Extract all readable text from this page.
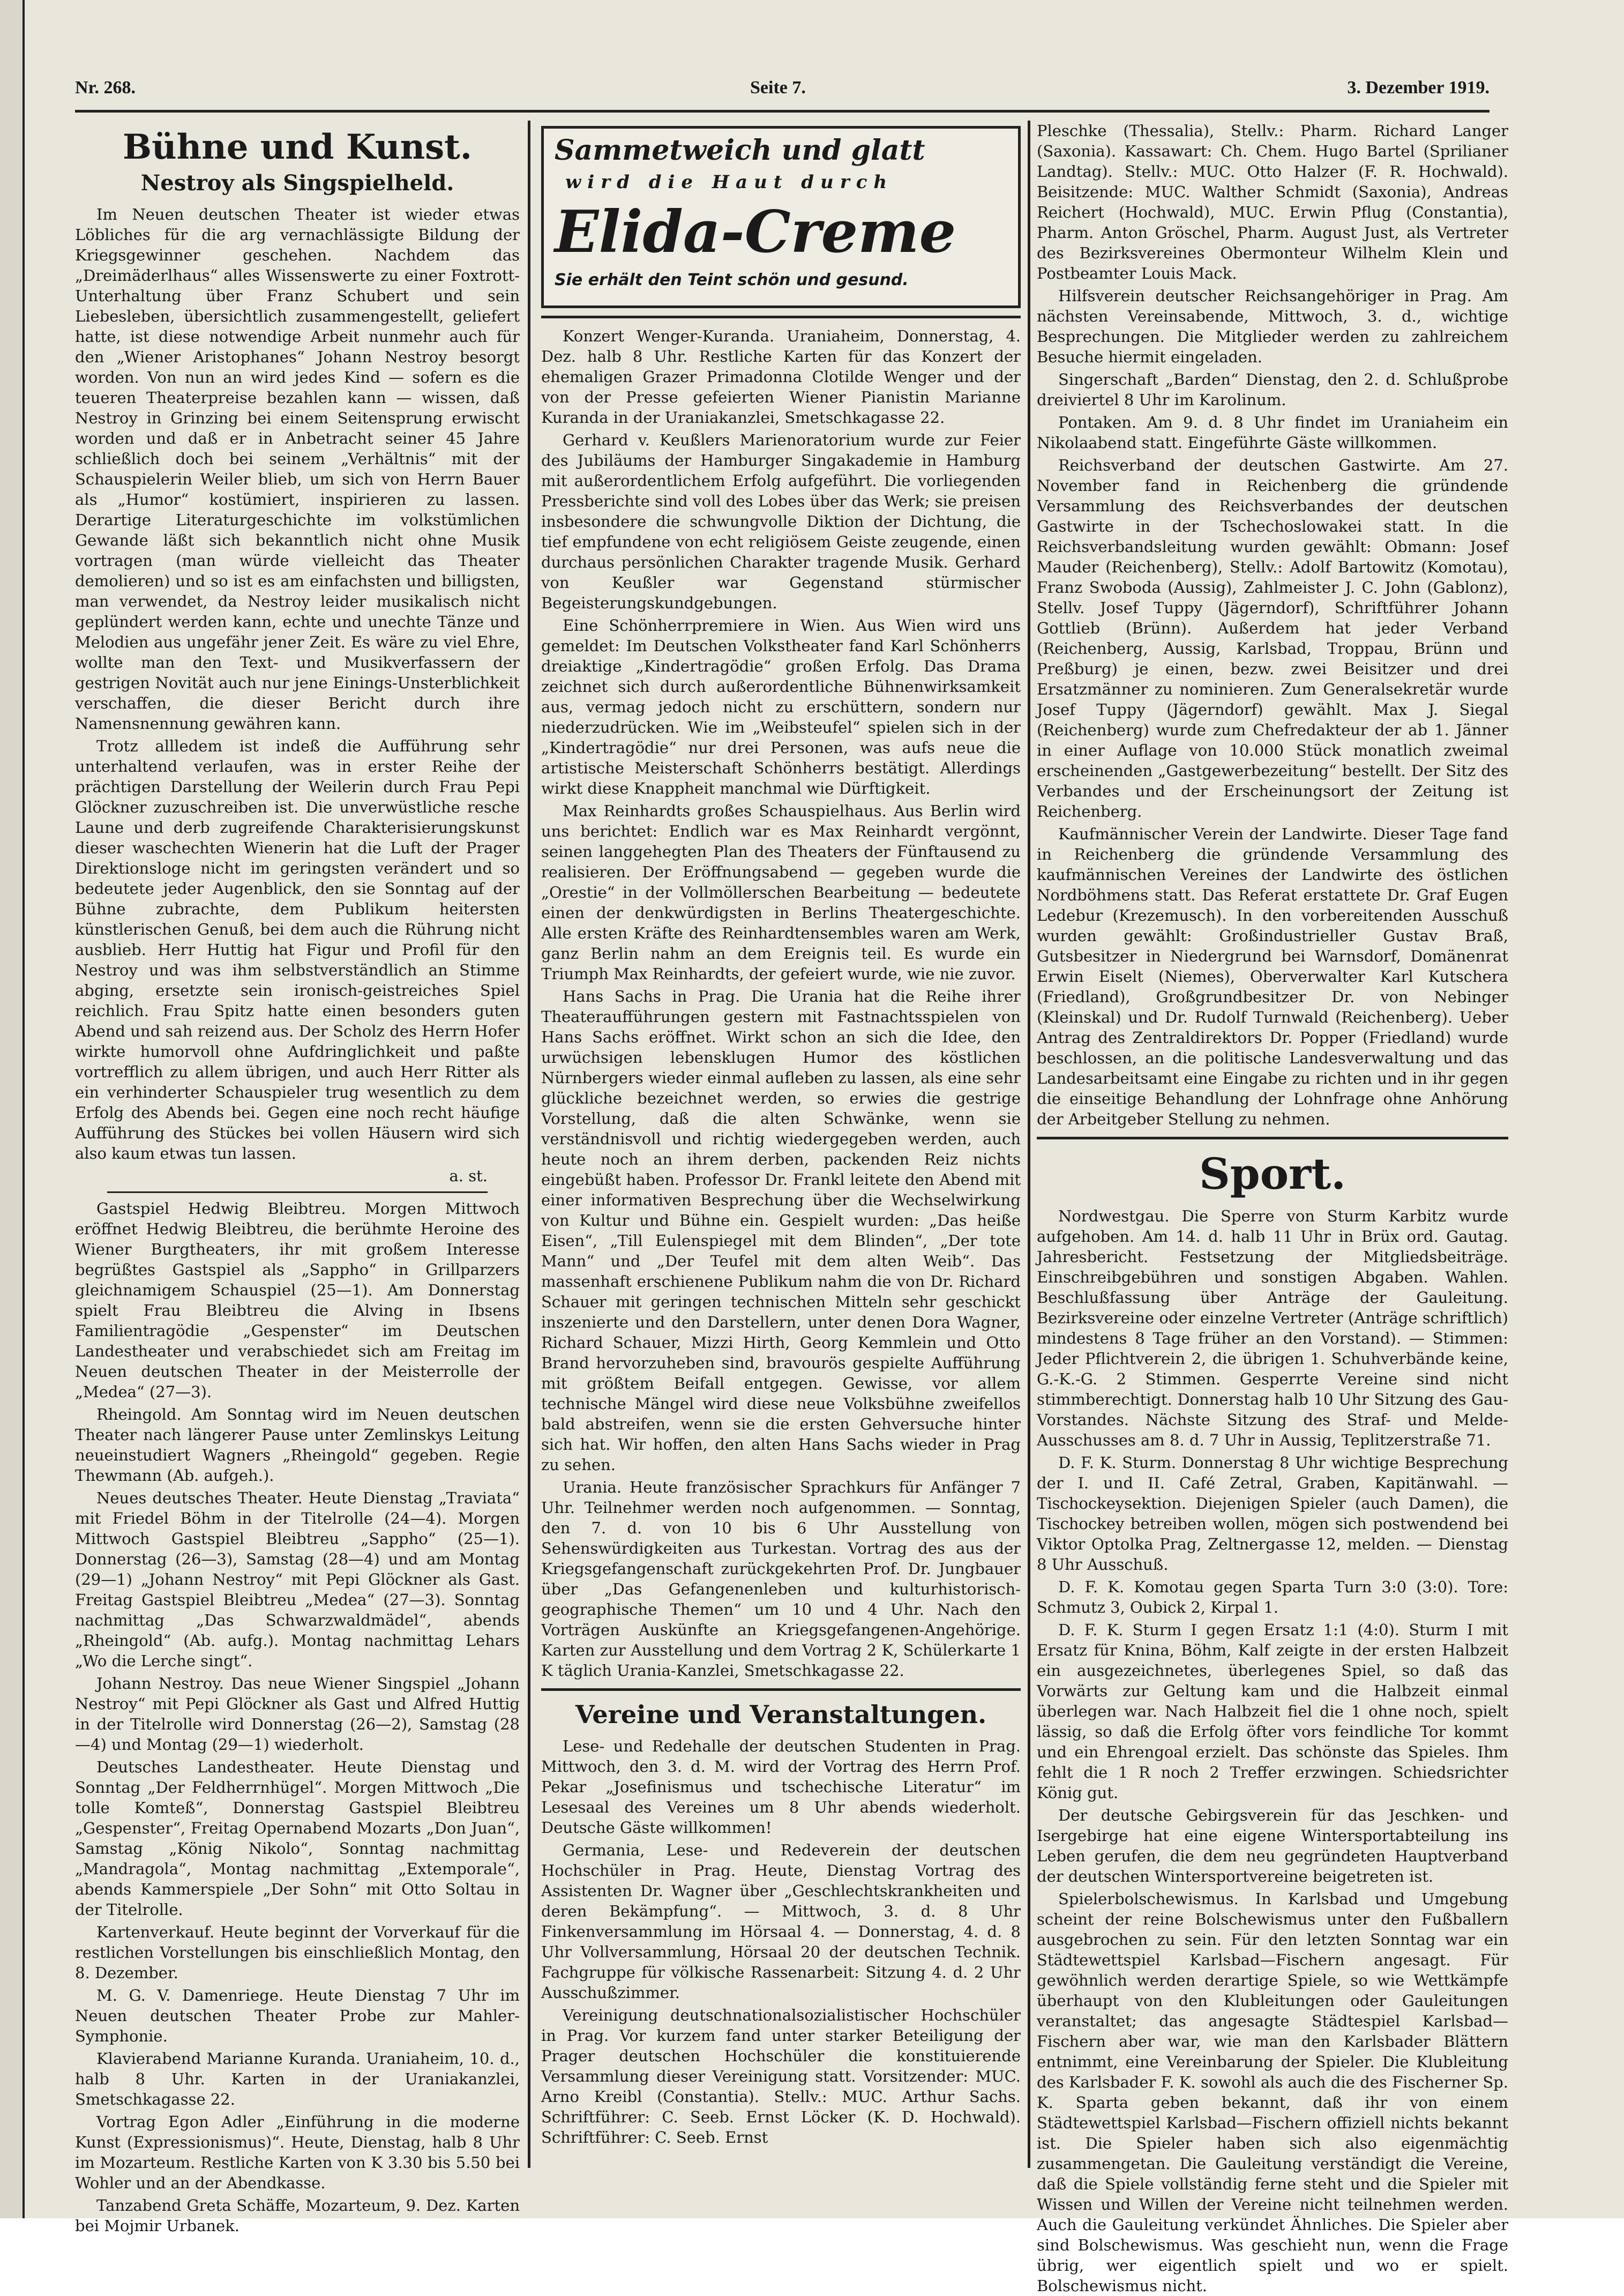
Nr. 268.	Seite 7.	3. Dezember 1919.
Bühne und Kunst.
Nestroy als Singspielheld.

Im Neuen deutschen Theater ist wieder etwas Löbliches für die arg vernachlässigte Bildung der Kriegsgewinner geschehen. Nachdem das „Dreimäderlhaus“ alles Wissenswerte zu einer Foxtrott-Unterhaltung über Franz Schubert und sein Liebesleben, übersichtlich zusammengestellt, geliefert hatte, ist diese notwendige Arbeit nunmehr auch für den „Wiener Aristophanes“ Johann Nestroy besorgt worden. Von nun an wird jedes Kind — sofern es die teueren Theaterpreise bezahlen kann — wissen, daß Nestroy in Grinzing bei einem Seitensprung erwischt worden und daß er in Anbetracht seiner 45 Jahre schließlich doch bei seinem „Verhältnis“ mit der Schauspielerin Weiler blieb, um sich von Herrn Bauer als „Humor“ kostümiert, inspirieren zu lassen. Derartige Literaturgeschichte im volkstümlichen Gewande läßt sich bekanntlich nicht ohne Musik vortragen (man würde vielleicht das Theater demolieren) und so ist es am einfachsten und billigsten, man verwendet, da Nestroy leider musikalisch nicht geplündert werden kann, echte und unechte Tänze und Melodien aus ungefähr jener Zeit. Es wäre zu viel Ehre, wollte man den Text- und Musikverfassern der gestrigen Novität auch nur jene Einings-Unsterblichkeit verschaffen, die dieser Bericht durch ihre Namensnennung gewähren kann.

Trotz allledem ist indeß die Aufführung sehr unterhaltend verlaufen, was in erster Reihe der prächtigen Darstellung der Weilerin durch Frau Pepi Glöckner zuzuschreiben ist. Die unverwüstliche resche Laune und derb zugreifende Charakterisierungskunst dieser waschechten Wienerin hat die Luft der Prager Direktionsloge nicht im geringsten verändert und so bedeutete jeder Augenblick, den sie Sonntag auf der Bühne zubrachte, dem Publikum heitersten künstlerischen Genuß, bei dem auch die Rührung nicht ausblieb. Herr Huttig hat Figur und Profil für den Nestroy und was ihm selbstverständlich an Stimme abging, ersetzte sein ironisch-geistreiches Spiel reichlich. Frau Spitz hatte einen besonders guten Abend und sah reizend aus. Der Scholz des Herrn Hofer wirkte humorvoll ohne Aufdringlichkeit und paßte vortrefflich zu allem übrigen, und auch Herr Ritter als ein verhinderter Schauspieler trug wesentlich zu dem Erfolg des Abends bei. Gegen eine noch recht häufige Aufführung des Stückes bei vollen Häusern wird sich also kaum etwas tun lassen.

a. st.

Gastspiel Hedwig Bleibtreu. Morgen Mittwoch eröffnet Hedwig Bleibtreu, die berühmte Heroine des Wiener Burgtheaters, ihr mit großem Interesse begrüßtes Gastspiel als „Sappho“ in Grillparzers gleichnamigem Schauspiel (25—1). Am Donnerstag spielt Frau Bleibtreu die Alving in Ibsens Familientragödie „Gespenster“ im Deutschen Landestheater und verabschiedet sich am Freitag im Neuen deutschen Theater in der Meisterrolle der „Medea“ (27—3).

Rheingold. Am Sonntag wird im Neuen deutschen Theater nach längerer Pause unter Zemlinskys Leitung neueinstudiert Wagners „Rheingold“ gegeben. Regie Thewmann (Ab. aufgeh.).

Neues deutsches Theater. Heute Dienstag „Traviata“ mit Friedel Böhm in der Titelrolle (24—4). Morgen Mittwoch Gastspiel Bleibtreu „Sappho“ (25—1). Donnerstag (26—3), Samstag (28—4) und am Montag (29—1) „Johann Nestroy“ mit Pepi Glöckner als Gast. Freitag Gastspiel Bleibtreu „Medea“ (27—3). Sonntag nachmittag „Das Schwarzwaldmädel“, abends „Rheingold“ (Ab. aufg.). Montag nachmittag Lehars „Wo die Lerche singt“.

Johann Nestroy. Das neue Wiener Singspiel „Johann Nestroy“ mit Pepi Glöckner als Gast und Alfred Huttig in der Titelrolle wird Donnerstag (26—2), Samstag (28—4) und Montag (29—1) wiederholt.

Deutsches Landestheater. Heute Dienstag und Sonntag „Der Feldherrnhügel“. Morgen Mittwoch „Die tolle Komteß“, Donnerstag Gastspiel Bleibtreu „Gespenster“, Freitag Opernabend Mozarts „Don Juan“, Samstag „König Nikolo“, Sonntag nachmittag „Mandragola“, Montag nachmittag „Extemporale“, abends Kammerspiele „Der Sohn“ mit Otto Soltau in der Titelrolle.

Kartenverkauf. Heute beginnt der Vorverkauf für die restlichen Vorstellungen bis einschließlich Montag, den 8. Dezember.

M. G. V. Damenriege. Heute Dienstag 7 Uhr im Neuen deutschen Theater Probe zur Mahler-Symphonie.

Klavierabend Marianne Kuranda. Uraniaheim, 10. d., halb 8 Uhr. Karten in der Uraniakanzlei, Smetschkagasse 22.

Vortrag Egon Adler „Einführung in die moderne Kunst (Expressionismus)“. Heute, Dienstag, halb 8 Uhr im Mozarteum. Restliche Karten von K 3.30 bis 5.50 bei Wohler und an der Abendkasse.

Tanzabend Greta Schäffe, Mozarteum, 9. Dez. Karten bei Mojmir Urbanek.

Sammetweich und glatt
wird die Haut durch
Elida-Creme
Sie erhält den Teint schön und gesund.

Konzert Wenger-Kuranda. Uraniaheim, Donnerstag, 4. Dez. halb 8 Uhr. Restliche Karten für das Konzert der ehemaligen Grazer Primadonna Clotilde Wenger und der von der Presse gefeierten Wiener Pianistin Marianne Kuranda in der Uraniakanzlei, Smetschkagasse 22.

Gerhard v. Keußlers Marienoratorium wurde zur Feier des Jubiläums der Hamburger Singakademie in Hamburg mit außerordentlichem Erfolg aufgeführt. Die vorliegenden Pressberichte sind voll des Lobes über das Werk; sie preisen insbesondere die schwungvolle Diktion der Dichtung, die tief empfundene von echt religiösem Geiste zeugende, einen durchaus persönlichen Charakter tragende Musik. Gerhard von Keußler war Gegenstand stürmischer Begeisterungskundgebungen.

Eine Schönherrpremiere in Wien. Aus Wien wird uns gemeldet: Im Deutschen Volkstheater fand Karl Schönherrs dreiaktige „Kindertragödie“ großen Erfolg. Das Drama zeichnet sich durch außerordentliche Bühnenwirksamkeit aus, vermag jedoch nicht zu erschüttern, sondern nur niederzudrücken. Wie im „Weibsteufel“ spielen sich in der „Kindertragödie“ nur drei Personen, was aufs neue die artistische Meisterschaft Schönherrs bestätigt. Allerdings wirkt diese Knappheit manchmal wie Dürftigkeit.

Max Reinhardts großes Schauspielhaus. Aus Berlin wird uns berichtet: Endlich war es Max Reinhardt vergönnt, seinen langgehegten Plan des Theaters der Fünftausend zu realisieren. Der Eröffnungsabend — gegeben wurde die „Orestie“ in der Vollmöllerschen Bearbeitung — bedeutete einen der denkwürdigsten in Berlins Theatergeschichte. Alle ersten Kräfte des Reinhardtensembles waren am Werk, ganz Berlin nahm an dem Ereignis teil. Es wurde ein Triumph Max Reinhardts, der gefeiert wurde, wie nie zuvor.

Hans Sachs in Prag. Die Urania hat die Reihe ihrer Theateraufführungen gestern mit Fastnachtsspielen von Hans Sachs eröffnet. Wirkt schon an sich die Idee, den urwüchsigen lebensklugen Humor des köstlichen Nürnbergers wieder einmal aufleben zu lassen, als eine sehr glückliche bezeichnet werden, so erwies die gestrige Vorstellung, daß die alten Schwänke, wenn sie verständnisvoll und richtig wiedergegeben werden, auch heute noch an ihrem derben, packenden Reiz nichts eingebüßt haben. Professor Dr. Frankl leitete den Abend mit einer informativen Besprechung über die Wechselwirkung von Kultur und Bühne ein. Gespielt wurden: „Das heiße Eisen“, „Till Eulenspiegel mit dem Blinden“, „Der tote Mann“ und „Der Teufel mit dem alten Weib“. Das massenhaft erschienene Publikum nahm die von Dr. Richard Schauer mit geringen technischen Mitteln sehr geschickt inszenierte und den Darstellern, unter denen Dora Wagner, Richard Schauer, Mizzi Hirth, Georg Kemmlein und Otto Brand hervorzuheben sind, bravourös gespielte Aufführung mit größtem Beifall entgegen. Gewisse, vor allem technische Mängel wird diese neue Volksbühne zweifellos bald abstreifen, wenn sie die ersten Gehversuche hinter sich hat. Wir hoffen, den alten Hans Sachs wieder in Prag zu sehen.

Urania. Heute französischer Sprachkurs für Anfänger 7 Uhr. Teilnehmer werden noch aufgenommen. — Sonntag, den 7. d. von 10 bis 6 Uhr Ausstellung von Sehenswürdigkeiten aus Turkestan. Vortrag des aus der Kriegsgefangenschaft zurückgekehrten Prof. Dr. Jungbauer über „Das Gefangenenleben und kulturhistorisch-geographische Themen“ um 10 und 4 Uhr. Nach den Vorträgen Auskünfte an Kriegsgefangenen-Angehörige. Karten zur Ausstellung und dem Vortrag 2 K, Schülerkarte 1 K täglich Urania-Kanzlei, Smetschkagasse 22.

Vereine und Veranstaltungen.

Lese- und Redehalle der deutschen Studenten in Prag. Mittwoch, den 3. d. M. wird der Vortrag des Herrn Prof. Pekar „Josefinismus und tschechische Literatur“ im Lesesaal des Vereines um 8 Uhr abends wiederholt. Deutsche Gäste willkommen!

Germania, Lese- und Redeverein der deutschen Hochschüler in Prag. Heute, Dienstag Vortrag des Assistenten Dr. Wagner über „Geschlechtskrankheiten und deren Bekämpfung“. — Mittwoch, 3. d. 8 Uhr Finkenversammlung im Hörsaal 4. — Donnerstag, 4. d. 8 Uhr Vollversammlung, Hörsaal 20 der deutschen Technik. Fachgruppe für völkische Rassenarbeit: Sitzung 4. d. 2 Uhr Ausschußzimmer.

Vereinigung deutschnationalsozialistischer Hochschüler in Prag. Vor kurzem fand unter starker Beteiligung der Prager deutschen Hochschüler die konstituierende Versammlung dieser Vereinigung statt. Vorsitzender: MUC. Arno Kreibl (Constantia). Stellv.: MUC. Arthur Sachs. Schriftführer: C. Seeb. Ernst Löcker (K. D. Hochwald). Schriftführer: C. Seeb. Ernst

Pleschke (Thessalia), Stellv.: Pharm. Richard Langer (Saxonia). Kassawart: Ch. Chem. Hugo Bartel (Sprilianer Landtag). Stellv.: MUC. Otto Halzer (F. R. Hochwald). Beisitzende: MUC. Walther Schmidt (Saxonia), Andreas Reichert (Hochwald), MUC. Erwin Pflug (Constantia), Pharm. Anton Gröschel, Pharm. August Just, als Vertreter des Bezirksvereines Obermonteur Wilhelm Klein und Postbeamter Louis Mack.

Hilfsverein deutscher Reichsangehöriger in Prag. Am nächsten Vereinsabende, Mittwoch, 3. d., wichtige Besprechungen. Die Mitglieder werden zu zahlreichem Besuche hiermit eingeladen.

Singerschaft „Barden“ Dienstag, den 2. d. Schlußprobe dreiviertel 8 Uhr im Karolinum.

Pontaken. Am 9. d. 8 Uhr findet im Uraniaheim ein Nikolaabend statt. Eingeführte Gäste willkommen.

Reichsverband der deutschen Gastwirte. Am 27. November fand in Reichenberg die gründende Versammlung des Reichsverbandes der deutschen Gastwirte in der Tschechoslowakei statt. In die Reichsverbandsleitung wurden gewählt: Obmann: Josef Mauder (Reichenberg), Stellv.: Adolf Bartowitz (Komotau), Franz Swoboda (Aussig), Zahlmeister J. C. John (Gablonz), Stellv. Josef Tuppy (Jägerndorf), Schriftführer Johann Gottlieb (Brünn). Außerdem hat jeder Verband (Reichenberg, Aussig, Karlsbad, Troppau, Brünn und Preßburg) je einen, bezw. zwei Beisitzer und drei Ersatzmänner zu nominieren. Zum Generalsekretär wurde Josef Tuppy (Jägerndorf) gewählt. Max J. Siegal (Reichenberg) wurde zum Chefredakteur der ab 1. Jänner in einer Auflage von 10.000 Stück monatlich zweimal erscheinenden „Gastgewerbezeitung“ bestellt. Der Sitz des Verbandes und der Erscheinungsort der Zeitung ist Reichenberg.

Kaufmännischer Verein der Landwirte. Dieser Tage fand in Reichenberg die gründende Versammlung des kaufmännischen Vereines der Landwirte des östlichen Nordböhmens statt. Das Referat erstattete Dr. Graf Eugen Ledebur (Krezemusch). In den vorbereitenden Ausschuß wurden gewählt: Großindustrieller Gustav Braß, Gutsbesitzer in Niedergrund bei Warnsdorf, Domänenrat Erwin Eiselt (Niemes), Oberverwalter Karl Kutschera (Friedland), Großgrundbesitzer Dr. von Nebinger (Kleinskal) und Dr. Rudolf Turnwald (Reichenberg). Ueber Antrag des Zentraldirektors Dr. Popper (Friedland) wurde beschlossen, an die politische Landesverwaltung und das Landesarbeitsamt eine Eingabe zu richten und in ihr gegen die einseitige Behandlung der Lohnfrage ohne Anhörung der Arbeitgeber Stellung zu nehmen.

Sport.

Nordwestgau. Die Sperre von Sturm Karbitz wurde aufgehoben. Am 14. d. halb 11 Uhr in Brüx ord. Gautag. Jahresbericht. Festsetzung der Mitgliedsbeiträge. Einschreibgebühren und sonstigen Abgaben. Wahlen. Beschlußfassung über Anträge der Gauleitung. Bezirksvereine oder einzelne Vertreter (Anträge schriftlich) mindestens 8 Tage früher an den Vorstand). — Stimmen: Jeder Pflichtverein 2, die übrigen 1. Schuhverbände keine, G.-K.-G. 2 Stimmen. Gesperrte Vereine sind nicht stimmberechtigt. Donnerstag halb 10 Uhr Sitzung des Gau-Vorstandes. Nächste Sitzung des Straf- und Melde-Ausschusses am 8. d. 7 Uhr in Aussig, Teplitzerstraße 71.

D. F. K. Sturm. Donnerstag 8 Uhr wichtige Besprechung der I. und II. Café Zetral, Graben, Kapitänwahl. — Tischockeysektion. Diejenigen Spieler (auch Damen), die Tischockey betreiben wollen, mögen sich postwendend bei Viktor Optolka Prag, Zeltnergasse 12, melden. — Dienstag 8 Uhr Ausschuß.

D. F. K. Komotau gegen Sparta Turn 3:0 (3:0). Tore: Schmutz 3, Oubick 2, Kirpal 1.

D. F. K. Sturm I gegen Ersatz 1:1 (4:0). Sturm I mit Ersatz für Knina, Böhm, Kalf zeigte in der ersten Halbzeit ein ausgezeichnetes, überlegenes Spiel, so daß das Vorwärts zur Geltung kam und die Halbzeit einmal überlegen war. Nach Halbzeit fiel die 1 ohne noch, spielt lässig, so daß die Erfolg öfter vors feindliche Tor kommt und ein Ehrengoal erzielt. Das schönste das Spieles. Ihm fehlt die 1 R noch 2 Treffer erzwingen. Schiedsrichter König gut.

Der deutsche Gebirgsverein für das Jeschken- und Isergebirge hat eine eigene Wintersportabteilung ins Leben gerufen, die dem neu gegründeten Hauptverband der deutschen Wintersportvereine beigetreten ist.

Spielerbolschewismus. In Karlsbad und Umgebung scheint der reine Bolschewismus unter den Fußballern ausgebrochen zu sein. Für den letzten Sonntag war ein Städtewettspiel Karlsbad—Fischern angesagt. Für gewöhnlich werden derartige Spiele, so wie Wettkämpfe überhaupt von den Klubleitungen oder Gauleitungen veranstaltet; das angesagte Städtespiel Karlsbad—Fischern aber war, wie man den Karlsbader Blättern entnimmt, eine Vereinbarung der Spieler. Die Klubleitung des Karlsbader F. K. sowohl als auch die des Fischerner Sp. K. Sparta geben bekannt, daß ihr von einem Städtewettspiel Karlsbad—Fischern offiziell nichts bekannt ist. Die Spieler haben sich also eigenmächtig zusammengetan. Die Gauleitung verständigt die Vereine, daß die Spiele vollständig ferne steht und die Spieler mit Wissen und Willen der Vereine nicht teilnehmen werden. Auch die Gauleitung verkündet Ähnliches. Die Spieler aber sind Bolschewismus. Was geschieht nun, wenn die Frage übrig, wer eigentlich spielt und wo er spielt. Bolschewismus nicht.
